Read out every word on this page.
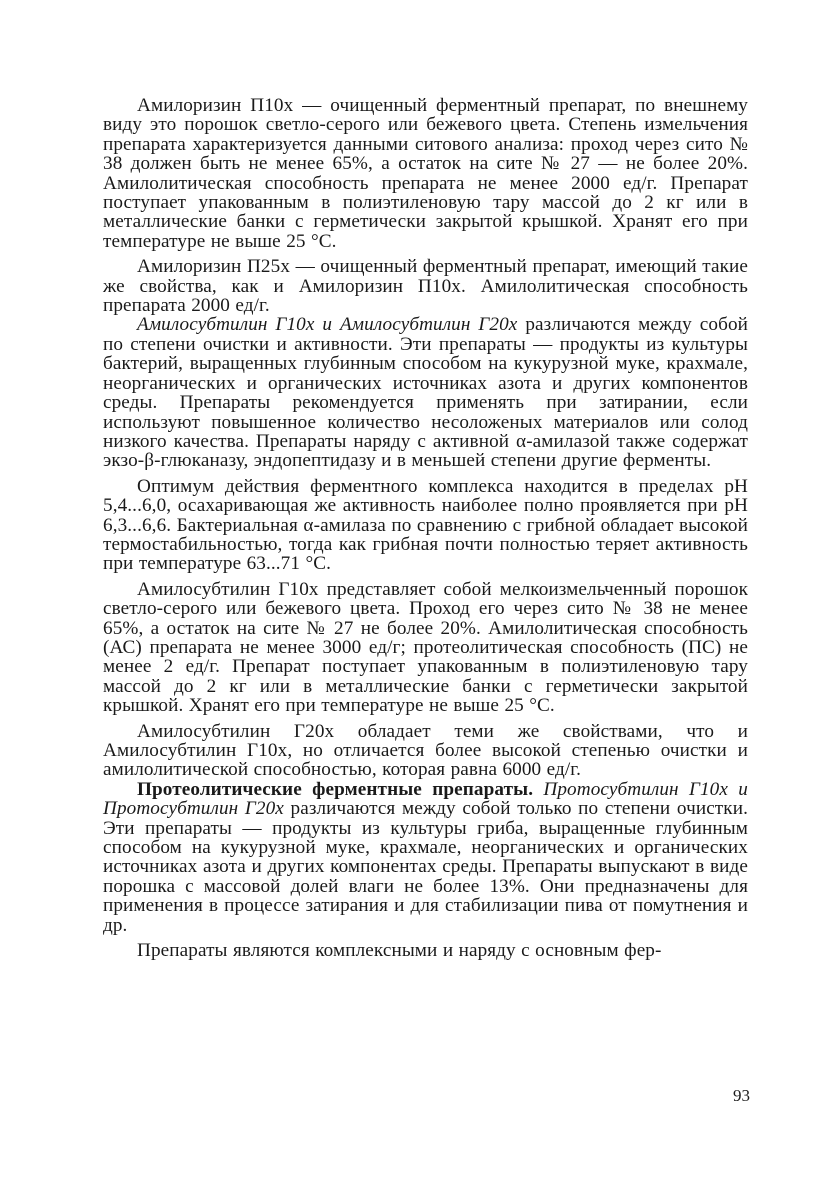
Амилоризин П10х — очищенный ферментный препарат, по внешнему виду это порошок светло-серого или бежевого цвета. Степень измельчения препарата характеризуется данными ситового анализа: проход через сито № 38 должен быть не менее 65%, а остаток на сите № 27 — не более 20%. Амилолитическая способность препарата не менее 2000 ед/г. Препарат поступает упакованным в полиэтиленовую тару массой до 2 кг или в металлические банки с герметически закрытой крышкой. Хранят его при температуре не выше 25 °С.

Амилоризин П25х — очищенный ферментный препарат, имеющий такие же свойства, как и Амилоризин П10х. Амилолитическая способность препарата 2000 ед/г.

Амилосубтилин Г10х и Амилосубтилин Г20х различаются между собой по степени очистки и активности. Эти препараты — продукты из культуры бактерий, выращенных глубинным способом на кукурузной муке, крахмале, неорганических и органических источниках азота и других компонентов среды. Препараты рекомендуется применять при затирании, если используют повышенное количество несоложеных материалов или солод низкого качества. Препараты наряду с активной α-амилазой также содержат экзо-β-глюканазу, эндопептидазу и в меньшей степени другие ферменты.

Оптимум действия ферментного комплекса находится в пределах рН 5,4...6,0, осахаривающая же активность наиболее полно проявляется при рН 6,3...6,6. Бактериальная α-амилаза по сравнению с грибной обладает высокой термостабильностью, тогда как грибная почти полностью теряет активность при температуре 63...71 °С.

Амилосубтилин Г10х представляет собой мелкоизмельченный порошок светло-серого или бежевого цвета. Проход его через сито № 38 не менее 65%, а остаток на сите № 27 не более 20%. Амилолитическая способность (АС) препарата не менее 3000 ед/г; протеолитическая способность (ПС) не менее 2 ед/г. Препарат поступает упакованным в полиэтиленовую тару массой до 2 кг или в металлические банки с герметически закрытой крышкой. Хранят его при температуре не выше 25 °С.

Амилосубтилин Г20х обладает теми же свойствами, что и Амилосубтилин Г10х, но отличается более высокой степенью очистки и амилолитической способностью, которая равна 6000 ед/г.

Протеолитические ферментные препараты. Протосубтилин Г10х и Протосубтилин Г20х различаются между собой только по степени очистки. Эти препараты — продукты из культуры гриба, выращенные глубинным способом на кукурузной муке, крахмале, неорганических и органических источниках азота и других компонентах среды. Препараты выпускают в виде порошка с массовой долей влаги не более 13%. Они предназначены для применения в процессе затирания и для стабилизации пива от помутнения и др.

Препараты являются комплексными и наряду с основным фер-

93
